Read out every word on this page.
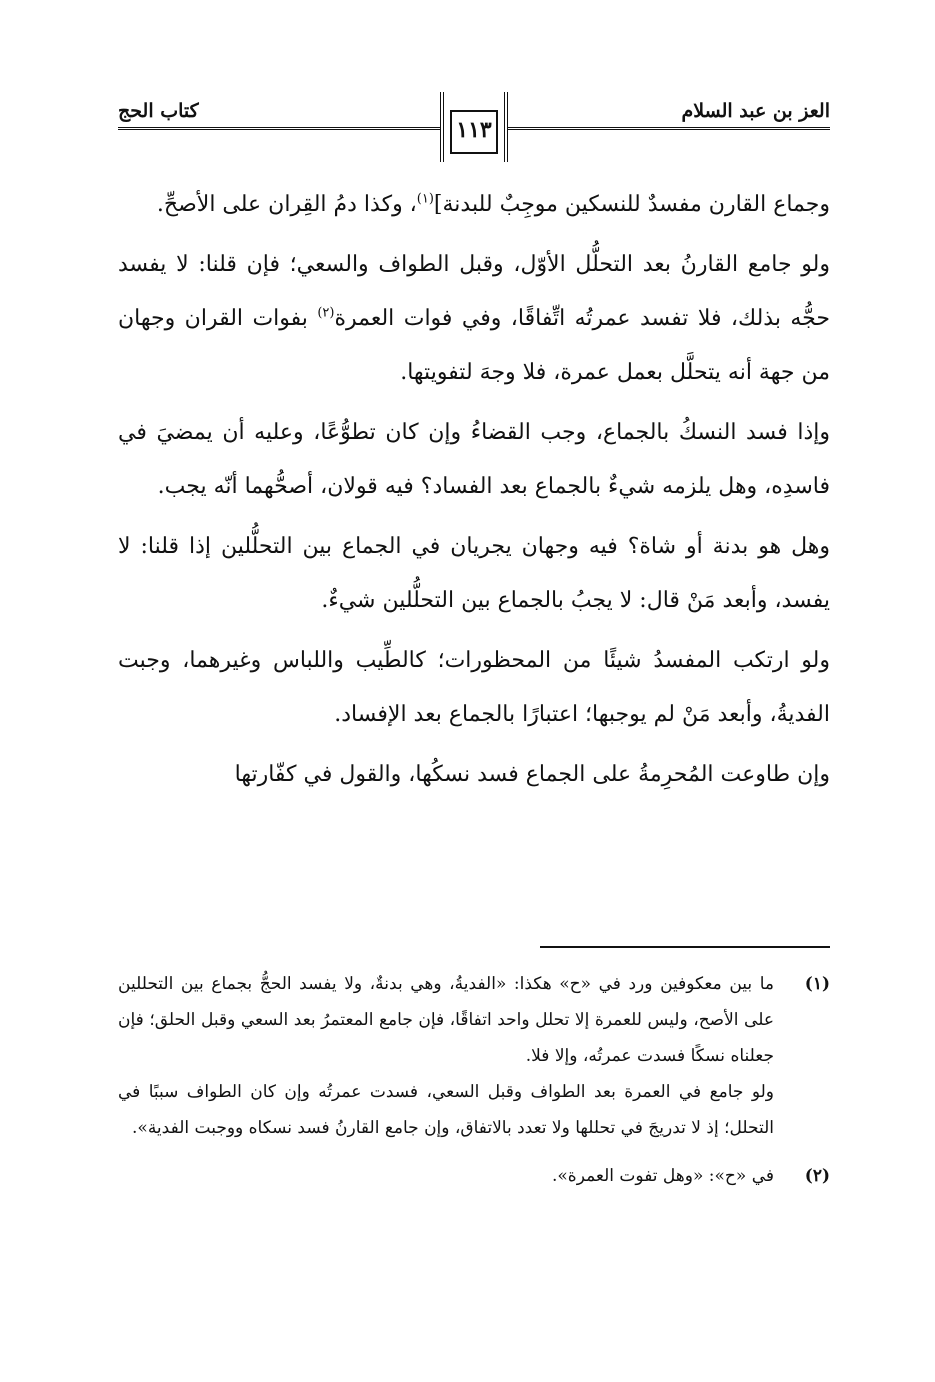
العز بن عبد السلام
١١٣
كتاب الحج

وجماع القارن مفسدٌ للنسكين موجِبٌ للبدنة]$^{(١)}$، وكذا دمُ القِران على الأصحِّ.

ولو جامع القارنُ بعد التحلُّل الأوّل، وقبل الطواف والسعي؛ فإن قلنا: لا يفسد حجُّه بذلك، فلا تفسد عمرتُه اتِّفاقًا، وفي فوات العمرة$^{(٢)}$ بفوات القران وجهان من جهة أنه يتحلَّل بعمل عمرة، فلا وجهَ لتفويتها.

وإذا فسد النسكُ بالجماع، وجب القضاءُ وإن كان تطوُّعًا، وعليه أن يمضيَ في فاسدِه، وهل يلزمه شيءٌ بالجماع بعد الفساد؟ فيه قولان، أصحُّهما أنّه يجب.

وهل هو بدنة أو شاة؟ فيه وجهان يجريان في الجماع بين التحلُّلين إذا قلنا: لا يفسد، وأبعد مَنْ قال: لا يجبُ بالجماع بين التحلُّلين شيءٌ.

ولو ارتكب المفسدُ شيئًا من المحظورات؛ كالطِّيب واللباس وغيرهما، وجبت الفديةُ، وأبعد مَنْ لم يوجبها؛ اعتبارًا بالجماع بعد الإفساد.

وإن طاوعت المُحرِمةُ على الجماع فسد نسكُها، والقول في كفّارتها

(١)

ما بين معكوفين ورد في «ح» هكذا: «الفديةُ، وهي بدنةٌ، ولا يفسد الحجُّ بجماع بين التحللين على الأصح، وليس للعمرة إلا تحلل واحد اتفاقًا، فإن جامع المعتمرُ بعد السعي وقبل الحلق؛ فإن جعلناه نسكًا فسدت عمرتُه، وإلا فلا.

ولو جامع في العمرة بعد الطواف وقبل السعي، فسدت عمرتُه وإن كان الطواف سببًا في التحلل؛ إذ لا تدريجَ في تحللها ولا تعدد بالاتفاق، وإن جامع القارنُ فسد نسكاه ووجبت الفدية».

(٢)

في «ح»: «وهل تفوت العمرة».
